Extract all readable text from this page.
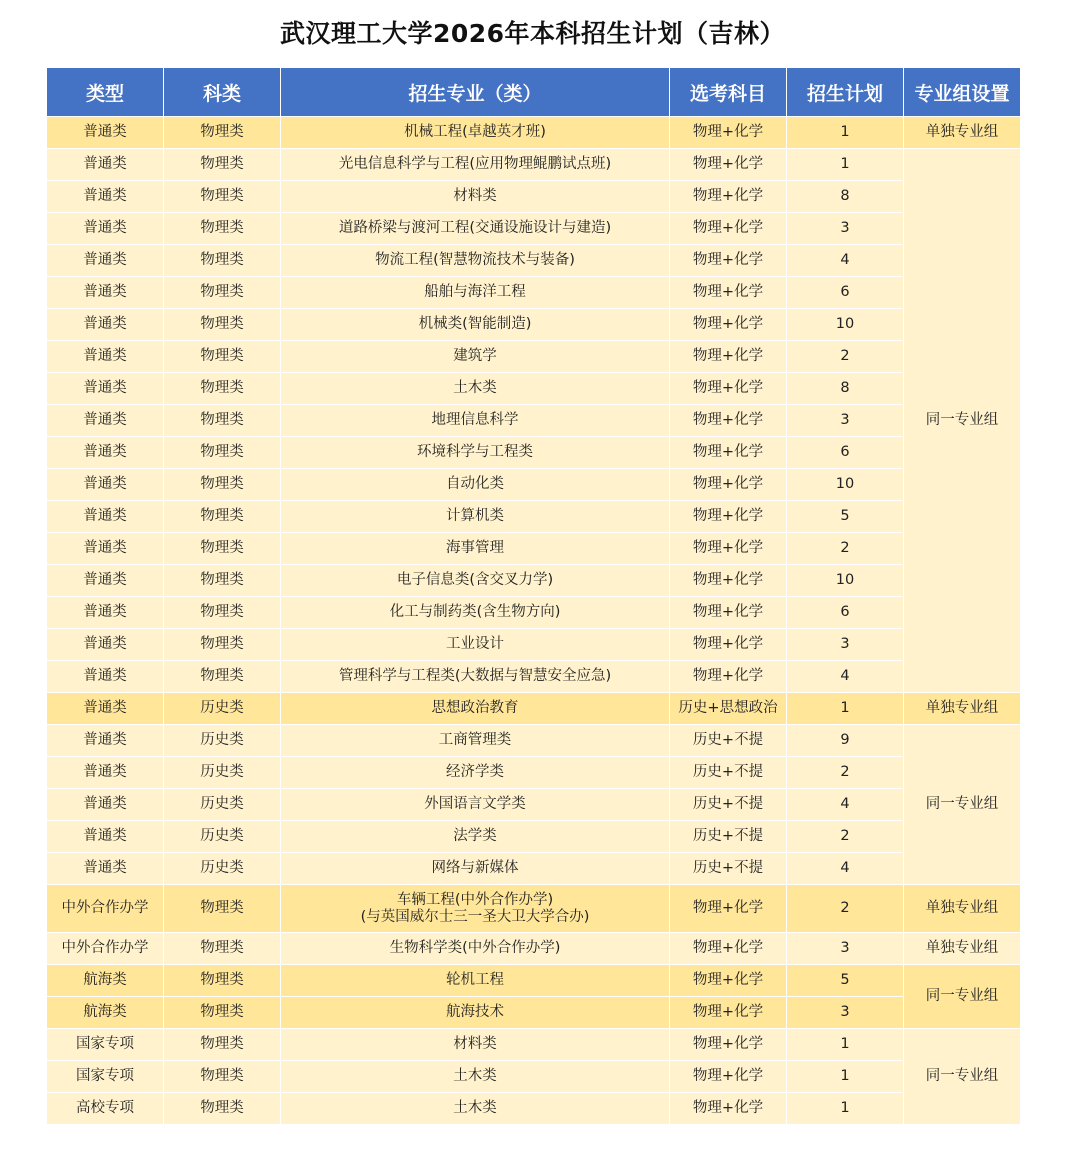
武汉理工大学2026年本科招生计划（吉林）
类型	科类	招生专业（类）	选考科目	招生计划	专业组设置
普通类	物理类	机械工程(卓越英才班)	物理+化学	1	单独专业组
普通类	物理类	光电信息科学与工程(应用物理鲲鹏试点班)	物理+化学	1	同一专业组
普通类	物理类	材料类	物理+化学	8	
普通类	物理类	道路桥梁与渡河工程(交通设施设计与建造)	物理+化学	3	
普通类	物理类	物流工程(智慧物流技术与装备)	物理+化学	4	
普通类	物理类	船舶与海洋工程	物理+化学	6	
普通类	物理类	机械类(智能制造)	物理+化学	10	
普通类	物理类	建筑学	物理+化学	2	
普通类	物理类	土木类	物理+化学	8	
普通类	物理类	地理信息科学	物理+化学	3	
普通类	物理类	环境科学与工程类	物理+化学	6	
普通类	物理类	自动化类	物理+化学	10	
普通类	物理类	计算机类	物理+化学	5	
普通类	物理类	海事管理	物理+化学	2	
普通类	物理类	电子信息类(含交叉力学)	物理+化学	10	
普通类	物理类	化工与制药类(含生物方向)	物理+化学	6	
普通类	物理类	工业设计	物理+化学	3	
普通类	物理类	管理科学与工程类(大数据与智慧安全应急)	物理+化学	4	
普通类	历史类	思想政治教育	历史+思想政治	1	单独专业组
普通类	历史类	工商管理类	历史+不提	9	同一专业组
普通类	历史类	经济学类	历史+不提	2	
普通类	历史类	外国语言文学类	历史+不提	4	
普通类	历史类	法学类	历史+不提	2	
普通类	历史类	网络与新媒体	历史+不提	4	
中外合作办学	物理类	车辆工程(中外合作办学)
(与英国威尔士三一圣大卫大学合办)	物理+化学	2	单独专业组
中外合作办学	物理类	生物科学类(中外合作办学)	物理+化学	3	单独专业组
航海类	物理类	轮机工程	物理+化学	5	同一专业组
航海类	物理类	航海技术	物理+化学	3	
国家专项	物理类	材料类	物理+化学	1	同一专业组
国家专项	物理类	土木类	物理+化学	1	
高校专项	物理类	土木类	物理+化学	1	
